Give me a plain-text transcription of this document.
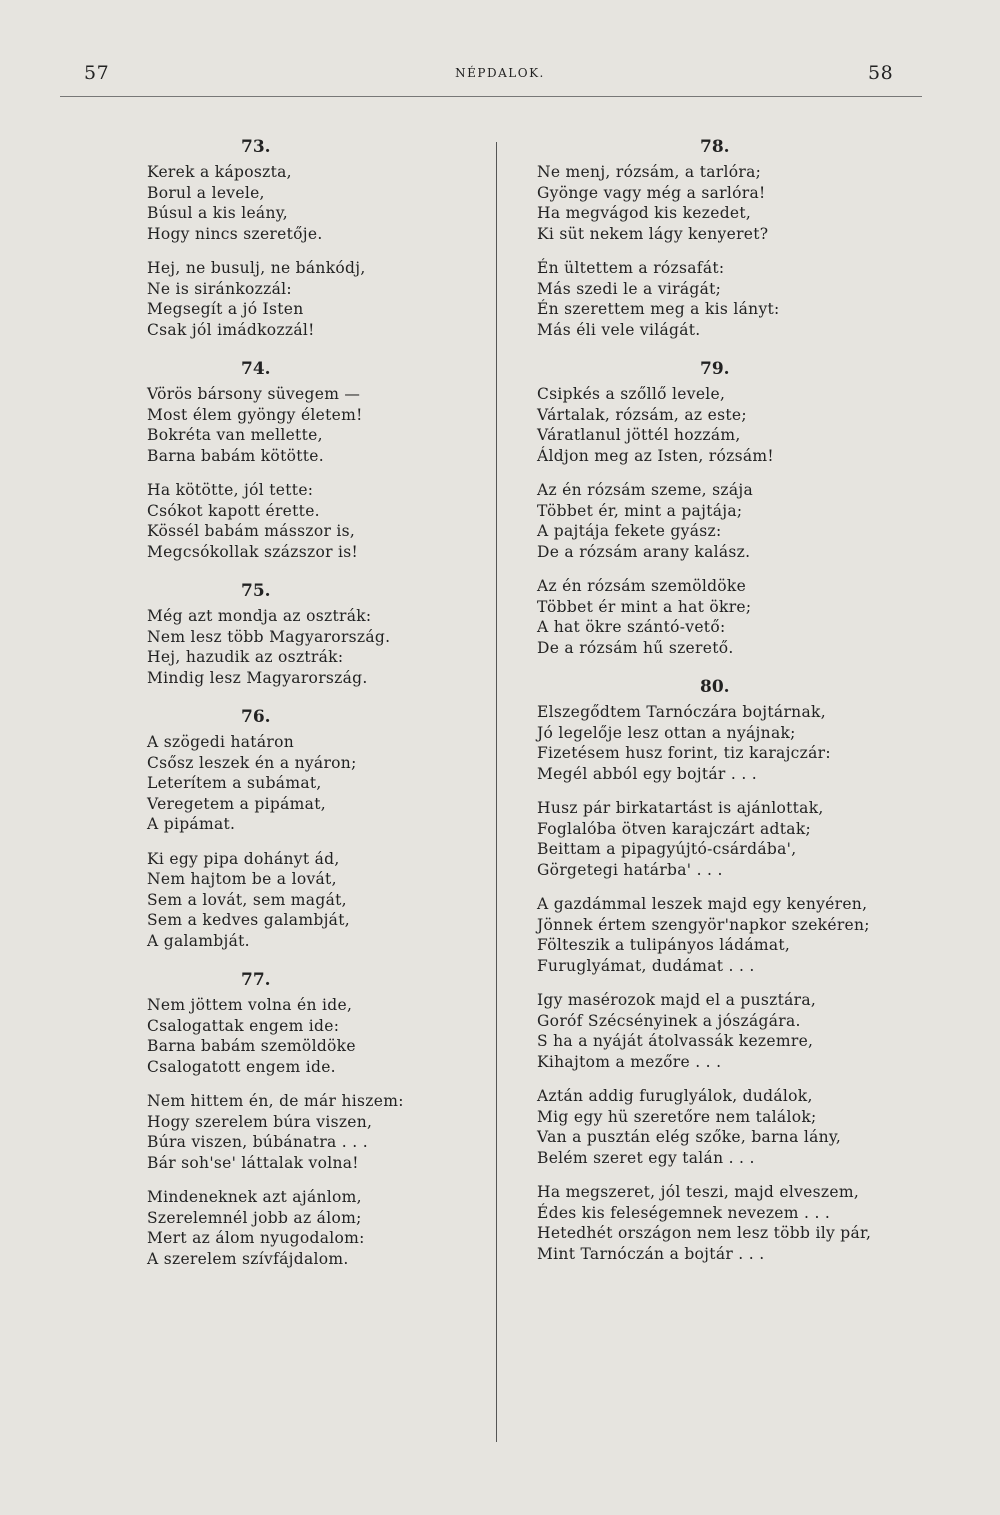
57	NÉPDALOK.	58
73.
Kerek a káposzta,
Borul a levele,
Búsul a kis leány,
Hogy nincs szeretője.
Hej, ne busulj, ne bánkódj,
Ne is siránkozzál:
Megsegít a jó Isten
Csak jól imádkozzál!
74.
Vörös bársony süvegem —
Most élem gyöngy életem!
Bokréta van mellette,
Barna babám kötötte.
Ha kötötte, jól tette:
Csókot kapott érette.
Kössél babám másszor is,
Megcsókollak százszor is!
75.
Még azt mondja az osztrák:
Nem lesz több Magyarország.
Hej, hazudik az osztrák:
Mindig lesz Magyarország.
76.
A szögedi határon
Csősz leszek én a nyáron;
Leterítem a subámat,
Veregetem a pipámat,
A pipámat.
Ki egy pipa dohányt ád,
Nem hajtom be a lovát,
Sem a lovát, sem magát,
Sem a kedves galambját,
A galambját.
77.
Nem jöttem volna én ide,
Csalogattak engem ide:
Barna babám szemöldöke
Csalogatott engem ide.
Nem hittem én, de már hiszem:
Hogy szerelem búra viszen,
Búra viszen, búbánatra . . .
Bár soh'se' láttalak volna!
Mindeneknek azt ajánlom,
Szerelemnél jobb az álom;
Mert az álom nyugodalom:
A szerelem szívfájdalom.
78.
Ne menj, rózsám, a tarlóra;
Gyönge vagy még a sarlóra!
Ha megvágod kis kezedet,
Ki süt nekem lágy kenyeret?
Én ültettem a rózsafát:
Más szedi le a virágát;
Én szerettem meg a kis lányt:
Más éli vele világát.
79.
Csipkés a szőllő levele,
Vártalak, rózsám, az este;
Váratlanul jöttél hozzám,
Áldjon meg az Isten, rózsám!
Az én rózsám szeme, szája
Többet ér, mint a pajtája;
A pajtája fekete gyász:
De a rózsám arany kalász.
Az én rózsám szemöldöke
Többet ér mint a hat ökre;
A hat ökre szántó-vető:
De a rózsám hű szerető.
80.
Elszegődtem Tarnóczára bojtárnak,
Jó legelője lesz ottan a nyájnak;
Fizetésem husz forint, tiz karajczár:
Megél abból egy bojtár . . .
Husz pár birkatartást is ajánlottak,
Foglalóba ötven karajczárt adtak;
Beittam a pipagyújtó-csárdába',
Görgetegi határba' . . .
A gazdámmal leszek majd egy kenyéren,
Jönnek értem szengyör'napkor szekéren;
Fölteszik a tulipányos ládámat,
Furuglyámat, dudámat . . .
Igy masérozok majd el a pusztára,
Goróf Szécsényinek a jószágára.
S ha a nyáját átolvassák kezemre,
Kihajtom a mezőre . . .
Aztán addig furuglyálok, dudálok,
Mig egy hü szeretőre nem találok;
Van a pusztán elég szőke, barna lány,
Belém szeret egy talán . . .
Ha megszeret, jól teszi, majd elveszem,
Édes kis feleségemnek nevezem . . .
Hetedhét országon nem lesz több ily pár,
Mint Tarnóczán a bojtár . . .
